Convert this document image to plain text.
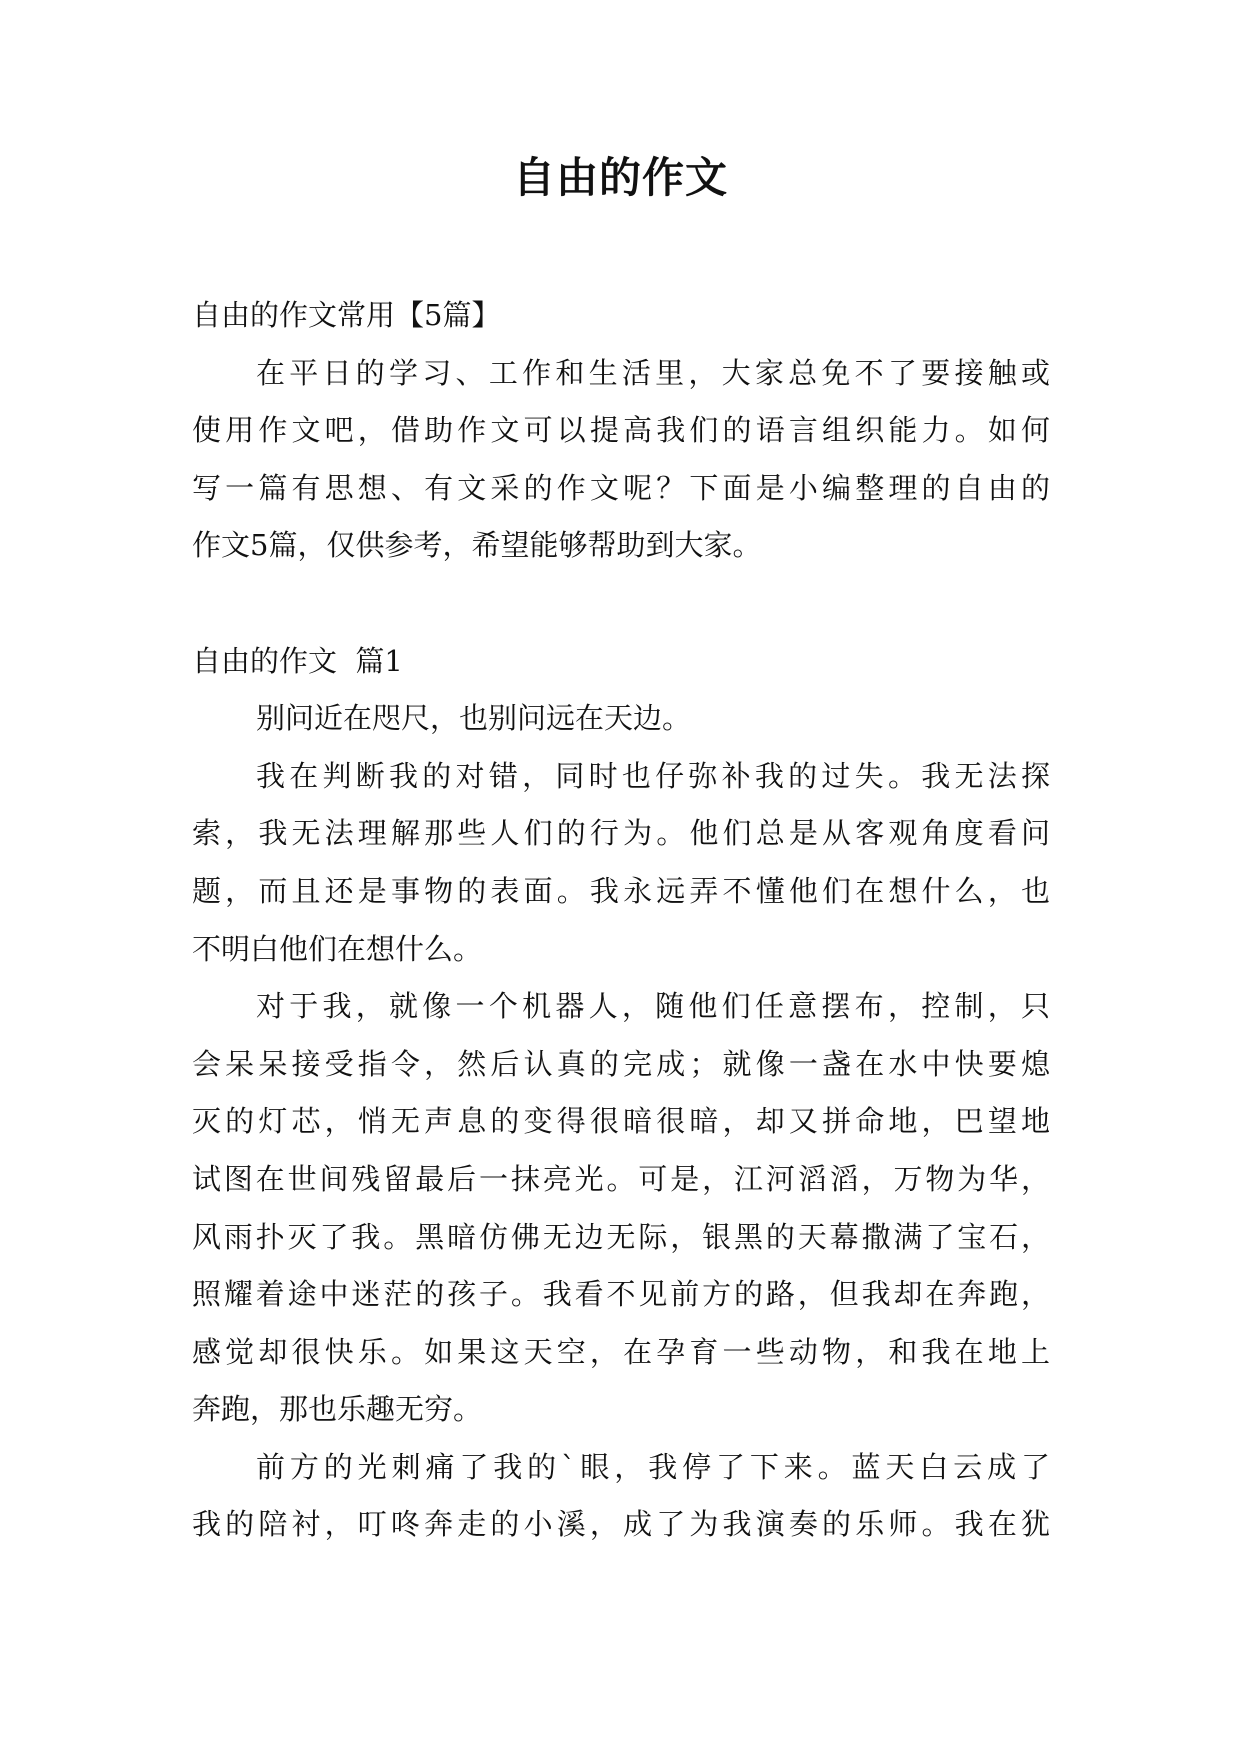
自由的作文
自由的作文常用【5篇】
在平日的学习、工作和生活里，大家总免不了要接触或
使用作文吧，借助作文可以提高我们的语言组织能力。如何
写一篇有思想、有文采的作文呢？下面是小编整理的自由的
作文5篇，仅供参考，希望能够帮助到大家。
自由的作文  篇1
别问近在咫尺，也别问远在天边。
我在判断我的对错，同时也仔弥补我的过失。我无法探
索，我无法理解那些人们的行为。他们总是从客观角度看问
题，而且还是事物的表面。我永远弄不懂他们在想什么，也
不明白他们在想什么。
对于我，就像一个机器人，随他们任意摆布，控制，只
会呆呆接受指令，然后认真的完成；就像一盏在水中快要熄
灭的灯芯，悄无声息的变得很暗很暗，却又拼命地，巴望地
试图在世间残留最后一抹亮光。可是，江河滔滔，万物为华，
风雨扑灭了我。黑暗仿佛无边无际，银黑的天幕撒满了宝石，
照耀着途中迷茫的孩子。我看不见前方的路，但我却在奔跑，
感觉却很快乐。如果这天空，在孕育一些动物，和我在地上
奔跑，那也乐趣无穷。
前方的光刺痛了我的`眼，我停了下来。蓝天白云成了
我的陪衬，叮咚奔走的小溪，成了为我演奏的乐师。我在犹
